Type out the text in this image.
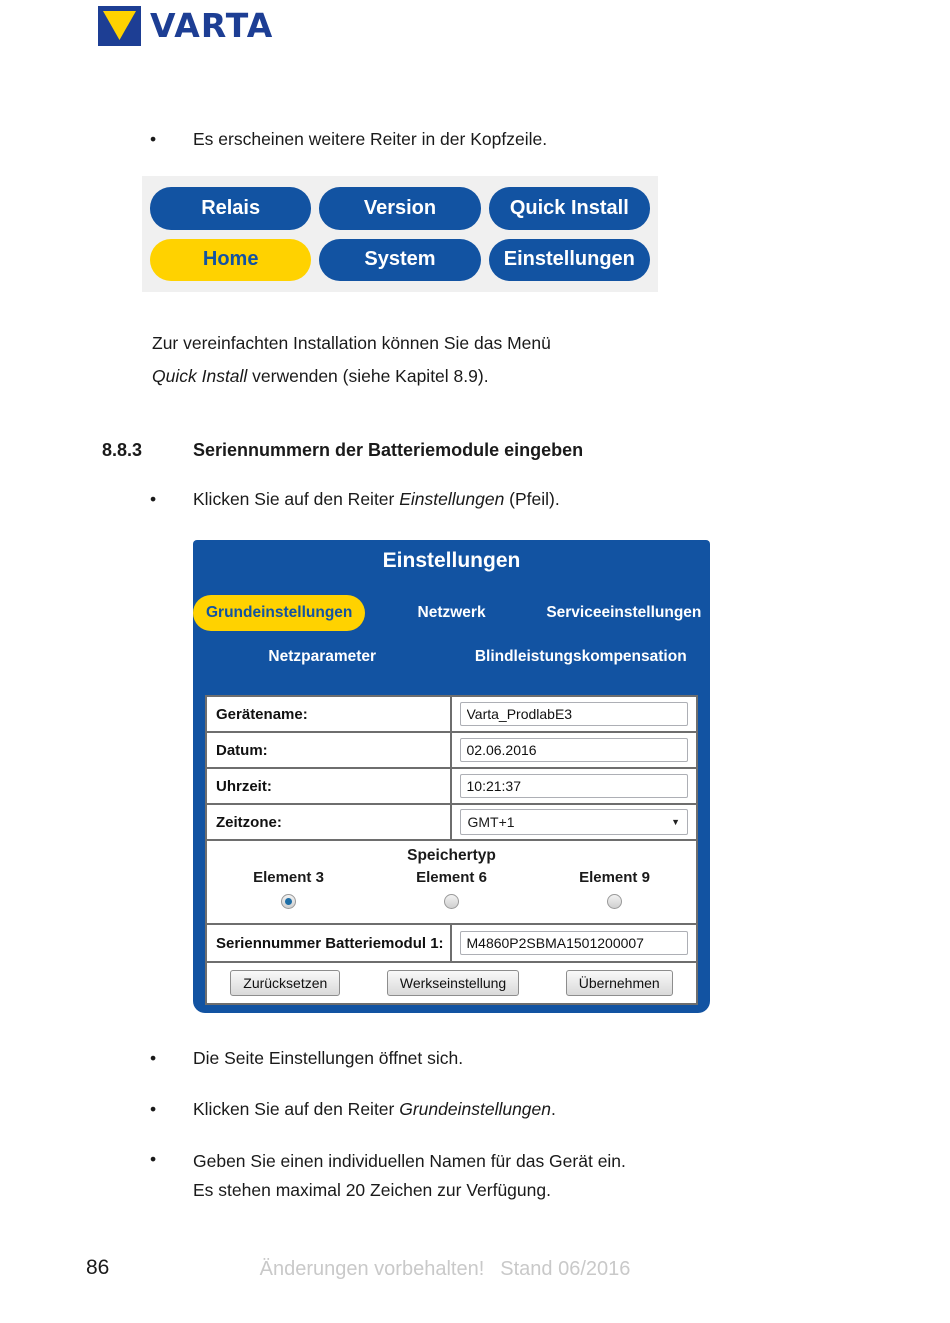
VARTA
•	Es erscheinen weitere Reiter in der Kopfzeile.
Relais	Version	Quick Install
Home	System	Einstellungen
Zur vereinfachten Installation können Sie das Menü
Quick Install verwenden (siehe Kapitel 8.9).
8.8.3	Seriennummern der Batteriemodule eingeben
•	Klicken Sie auf den Reiter Einstellungen (Pfeil).
Einstellungen
Grundeinstellungen	Netzwerk	Serviceeinstellungen
Netzparameter	Blindleistungskompensation
Gerätename:
Varta_ProdlabE3
Datum:
02.06.2016
Uhrzeit:
10:21:37
Zeitzone:	GMT+1	▼
Speichertyp
Element 3	Element 6	Element 9
Seriennummer Batteriemodul 1:
M4860P2SBMA1501200007
Zurücksetzen	Werkseinstellung	Übernehmen
•	Die Seite Einstellungen öffnet sich.
•	Klicken Sie auf den Reiter Grundeinstellungen.
•	Geben Sie einen individuellen Namen für das Gerät ein.
Es stehen maximal 20 Zeichen zur Verfügung.
86	Änderungen vorbehalten! Stand 06/2016
